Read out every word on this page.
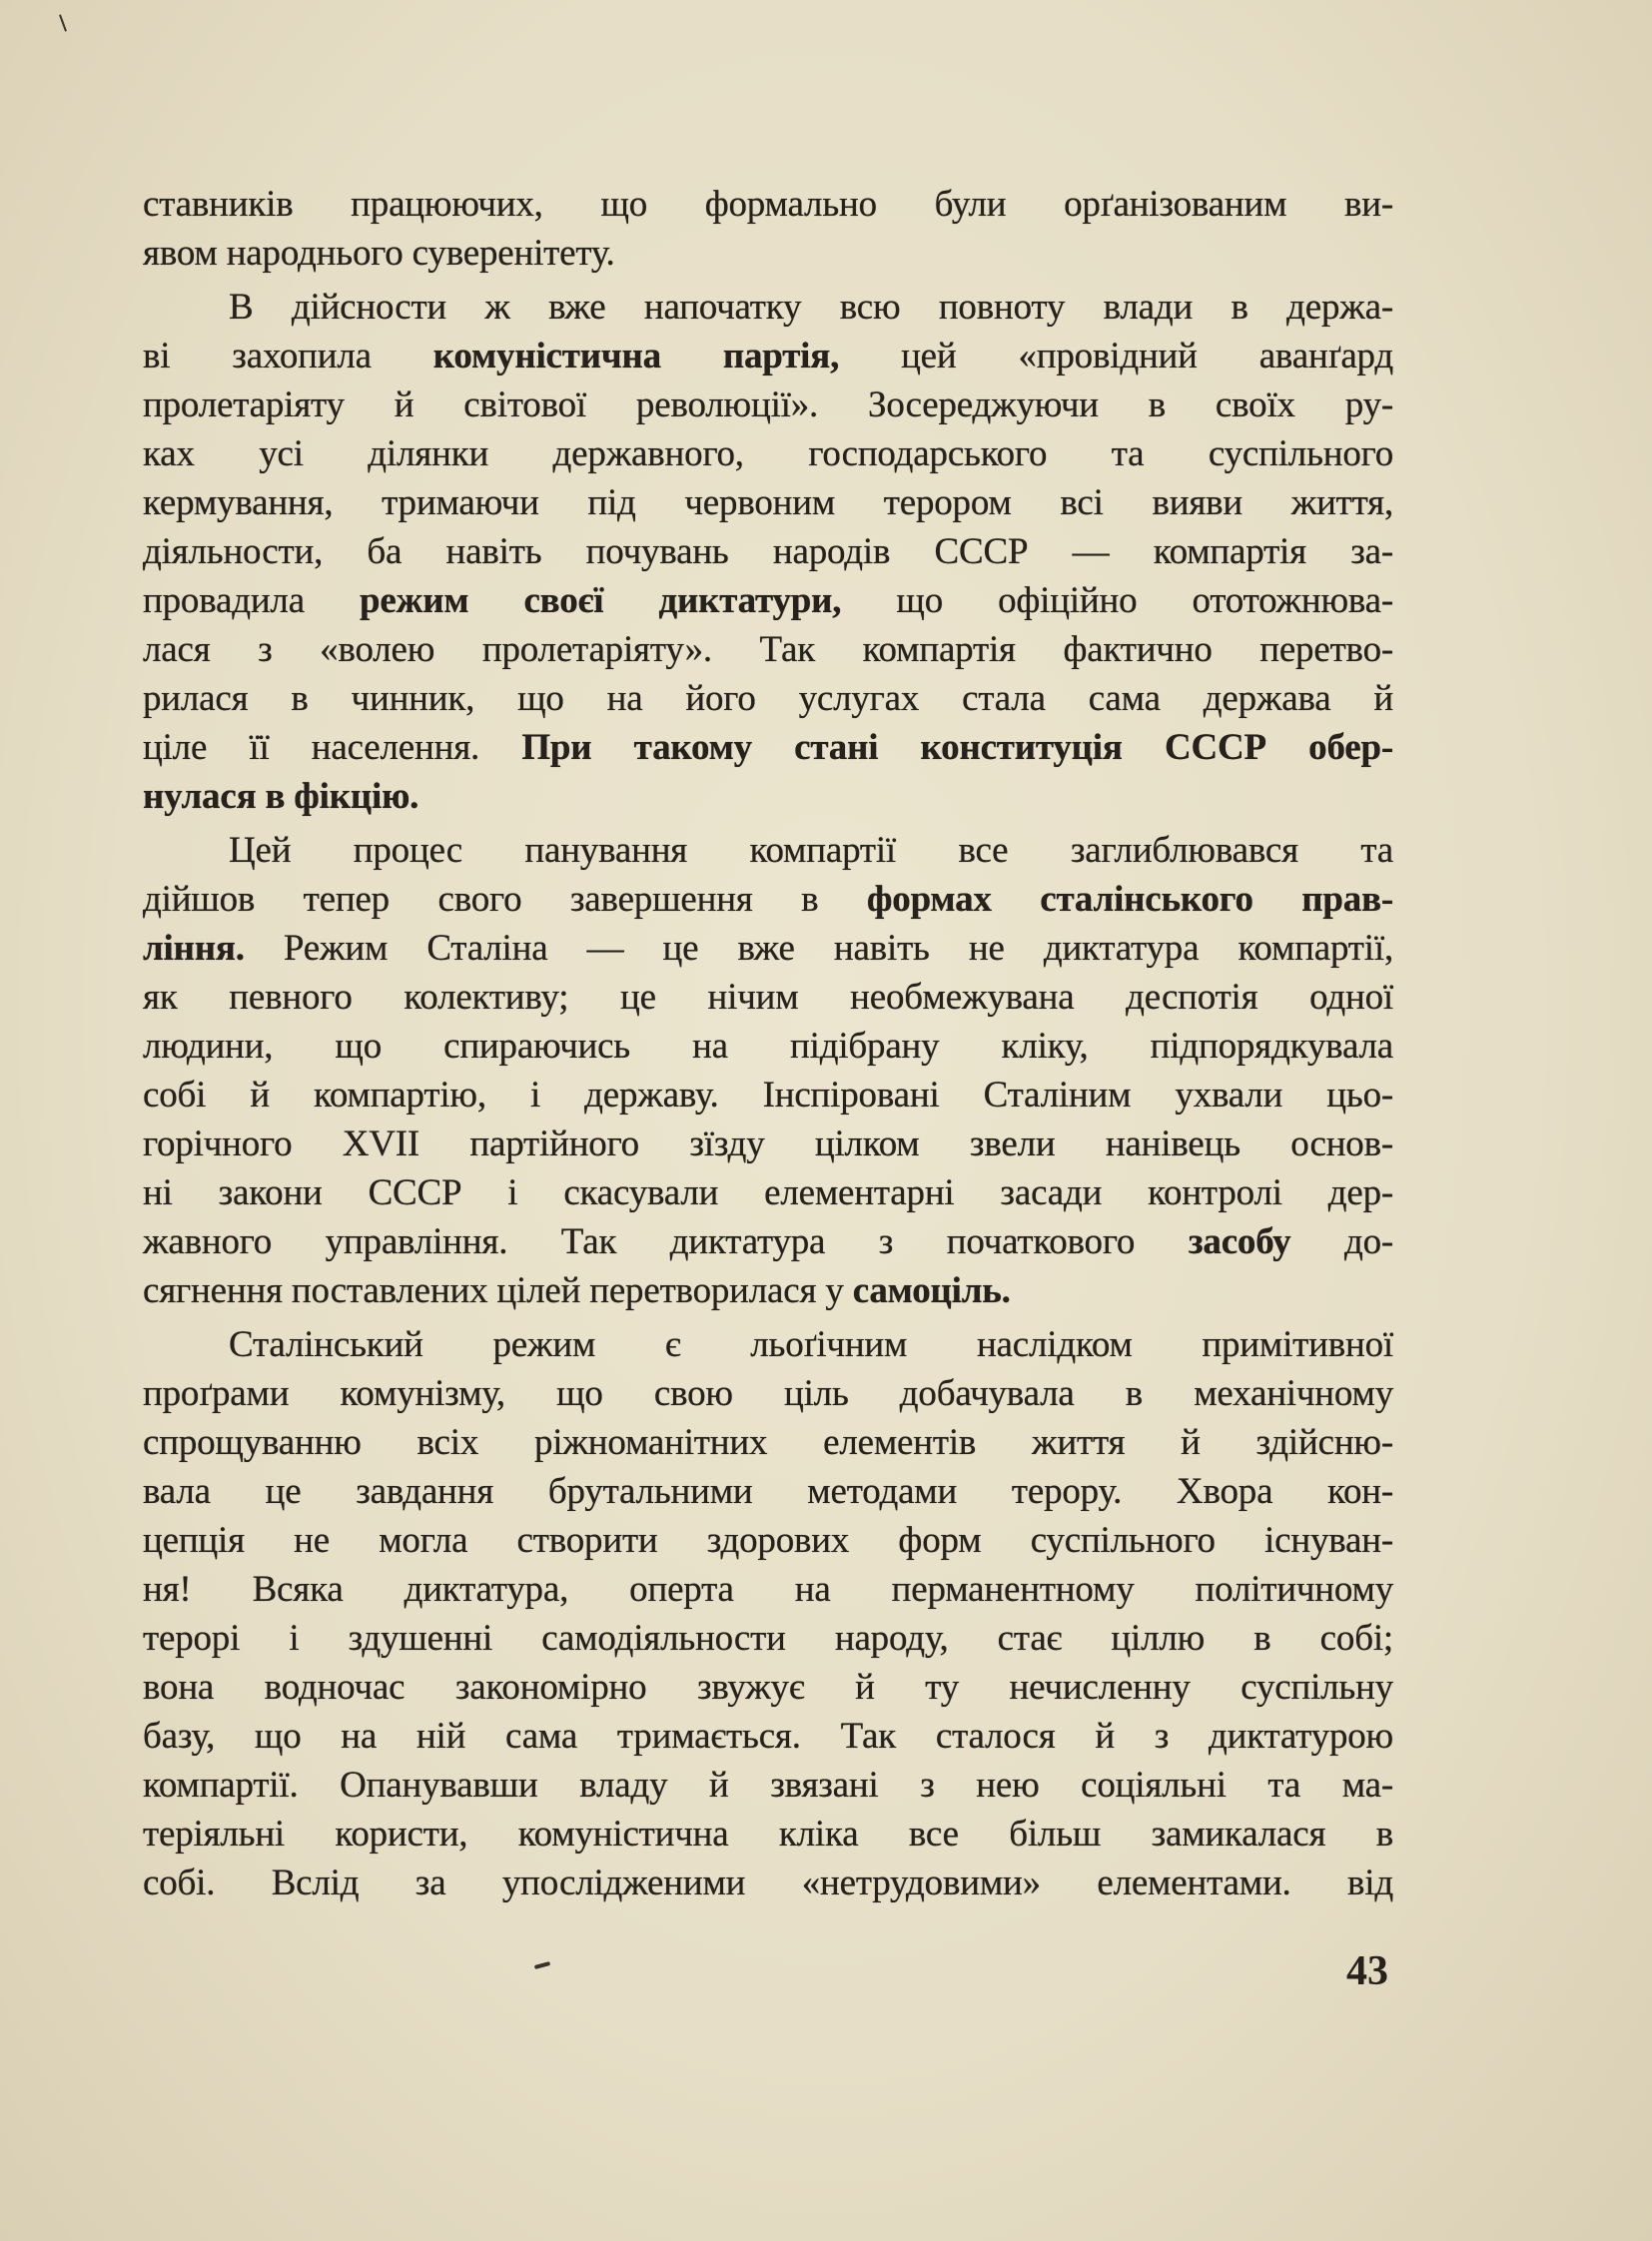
ставників працюючих, що формально були орґанізованим ви-
явом народнього суверенітету.
В дійсности ж вже напочатку всю повноту влади в держа-
ві захопила комуністична партія, цей «провідний аванґард
пролетаріяту й світової революції». Зосереджуючи в своїх ру-
ках усі ділянки державного, господарського та суспільного
кермування, тримаючи під червоним терором всі вияви життя,
діяльности, ба навіть почувань народів СССР — компартія за-
провадила режим своєї диктатури, що офіційно ототожнюва-
лася з «волею пролетаріяту». Так компартія фактично перетво-
рилася в чинник, що на його услугах стала сама держава й
ціле її населення. При такому стані конституція СССР обер-
нулася в фікцію.
Цей процес панування компартії все заглиблювався та
дійшов тепер свого завершення в формах сталінського прав-
ління. Режим Сталіна — це вже навіть не диктатура компартії,
як певного колективу; це нічим необмежувана деспотія одної
людини, що спираючись на підібрану кліку, підпорядкувала
собі й компартію, і державу. Інспіровані Сталіним ухвали цьо-
горічного XVII партійного зїзду цілком звели нанівець основ-
ні закони СССР і скасували елементарні засади контролі дер-
жавного управління. Так диктатура з початкового засобу до-
сягнення поставлених цілей перетворилася у самоціль.
Сталінський режим є льоґічним наслідком примітивної
проґрами комунізму, що свою ціль добачувала в механічному
спрощуванню всіх ріжноманітних елементів життя й здійсню-
вала це завдання брутальними методами терору. Хвора кон-
цепція не могла створити здорових форм суспільного існуван-
ня! Всяка диктатура, оперта на перманентному політичному
терорі і здушенні самодіяльности народу, стає ціллю в собі;
вона водночас закономірно звужує й ту нечисленну суспільну
базу, що на ній сама тримається. Так сталося й з диктатурою
компартії. Опанувавши владу й звязані з нею соціяльні та ма-
теріяльні користи, комуністична кліка все більш замикалася в
собі. Вслід за упослідженими «нетрудовими» елементами. від
43
